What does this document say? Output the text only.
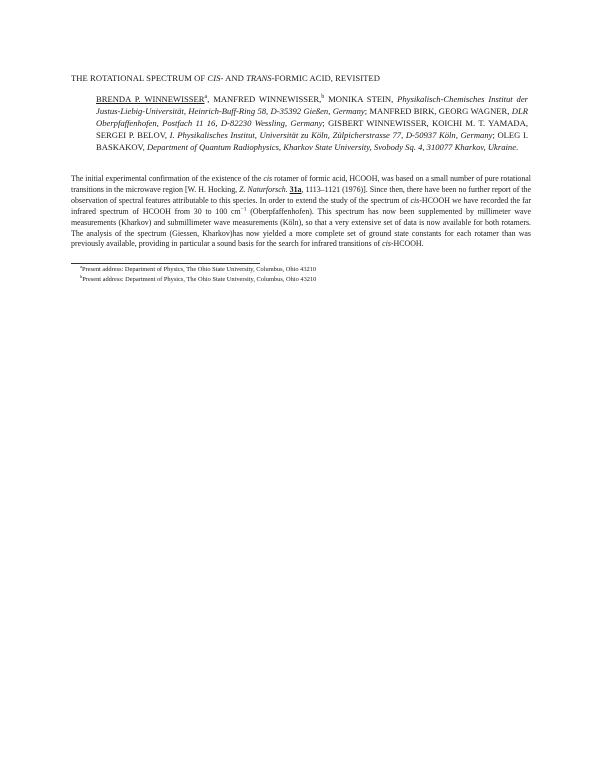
THE ROTATIONAL SPECTRUM OF CIS- AND TRANS-FORMIC ACID, REVISITED
BRENDA P. WINNEWISSER$^a$, MANFRED WINNEWISSER,$^b$ MONIKA STEIN, Physikalisch-Chemisches Institut der Justus-Liebig-Universität, Heinrich-Buff-Ring 58, D-35392 Gießen, Germany; MANFRED BIRK, GEORG WAGNER, DLR Oberpfaffenhofen, Postfach 11 16, D-82230 Wessling, Germany; GISBERT WINNEWISSER, KOICHI M. T. YAMADA, SERGEI P. BELOV, I. Physikalisches Institut, Universität zu Köln, Zülpicherstrasse 77, D-50937 Köln, Germany; OLEG I. BASKAKOV, Department of Quantum Radiophysics, Kharkov State University, Svobody Sq. 4, 310077 Kharkov, Ukraine.
The initial experimental confirmation of the existence of the cis rotamer of formic acid, HCOOH, was based on a small number of pure rotational transitions in the microwave region [W. H. Hocking, Z. Naturforsch. 31a, 1113–1121 (1976)]. Since then, there have been no further report of the observation of spectral features attributable to this species. In order to extend the study of the spectrum of cis-HCOOH we have recorded the far infrared spectrum of HCOOH from 30 to 100 $cm^{-1}$ (Oberpfaffenhofen). This spectrum has now been supplemented by millimeter wave measurements (Kharkov) and submillimeter wave measurements (Köln), so that a very extensive set of data is now available for both rotamers. The analysis of the spectrum (Giessen, Kharkov)has now yielded a more complete set of ground state constants for each rotamer than was previously available, providing in particular a sound basis for the search for infrared transitions of cis-HCOOH.
$^a$Present address: Department of Physics, The Ohio State University, Columbus, Ohio 43210
$^b$Present address: Department of Physics, The Ohio State University, Columbus, Ohio 43210
